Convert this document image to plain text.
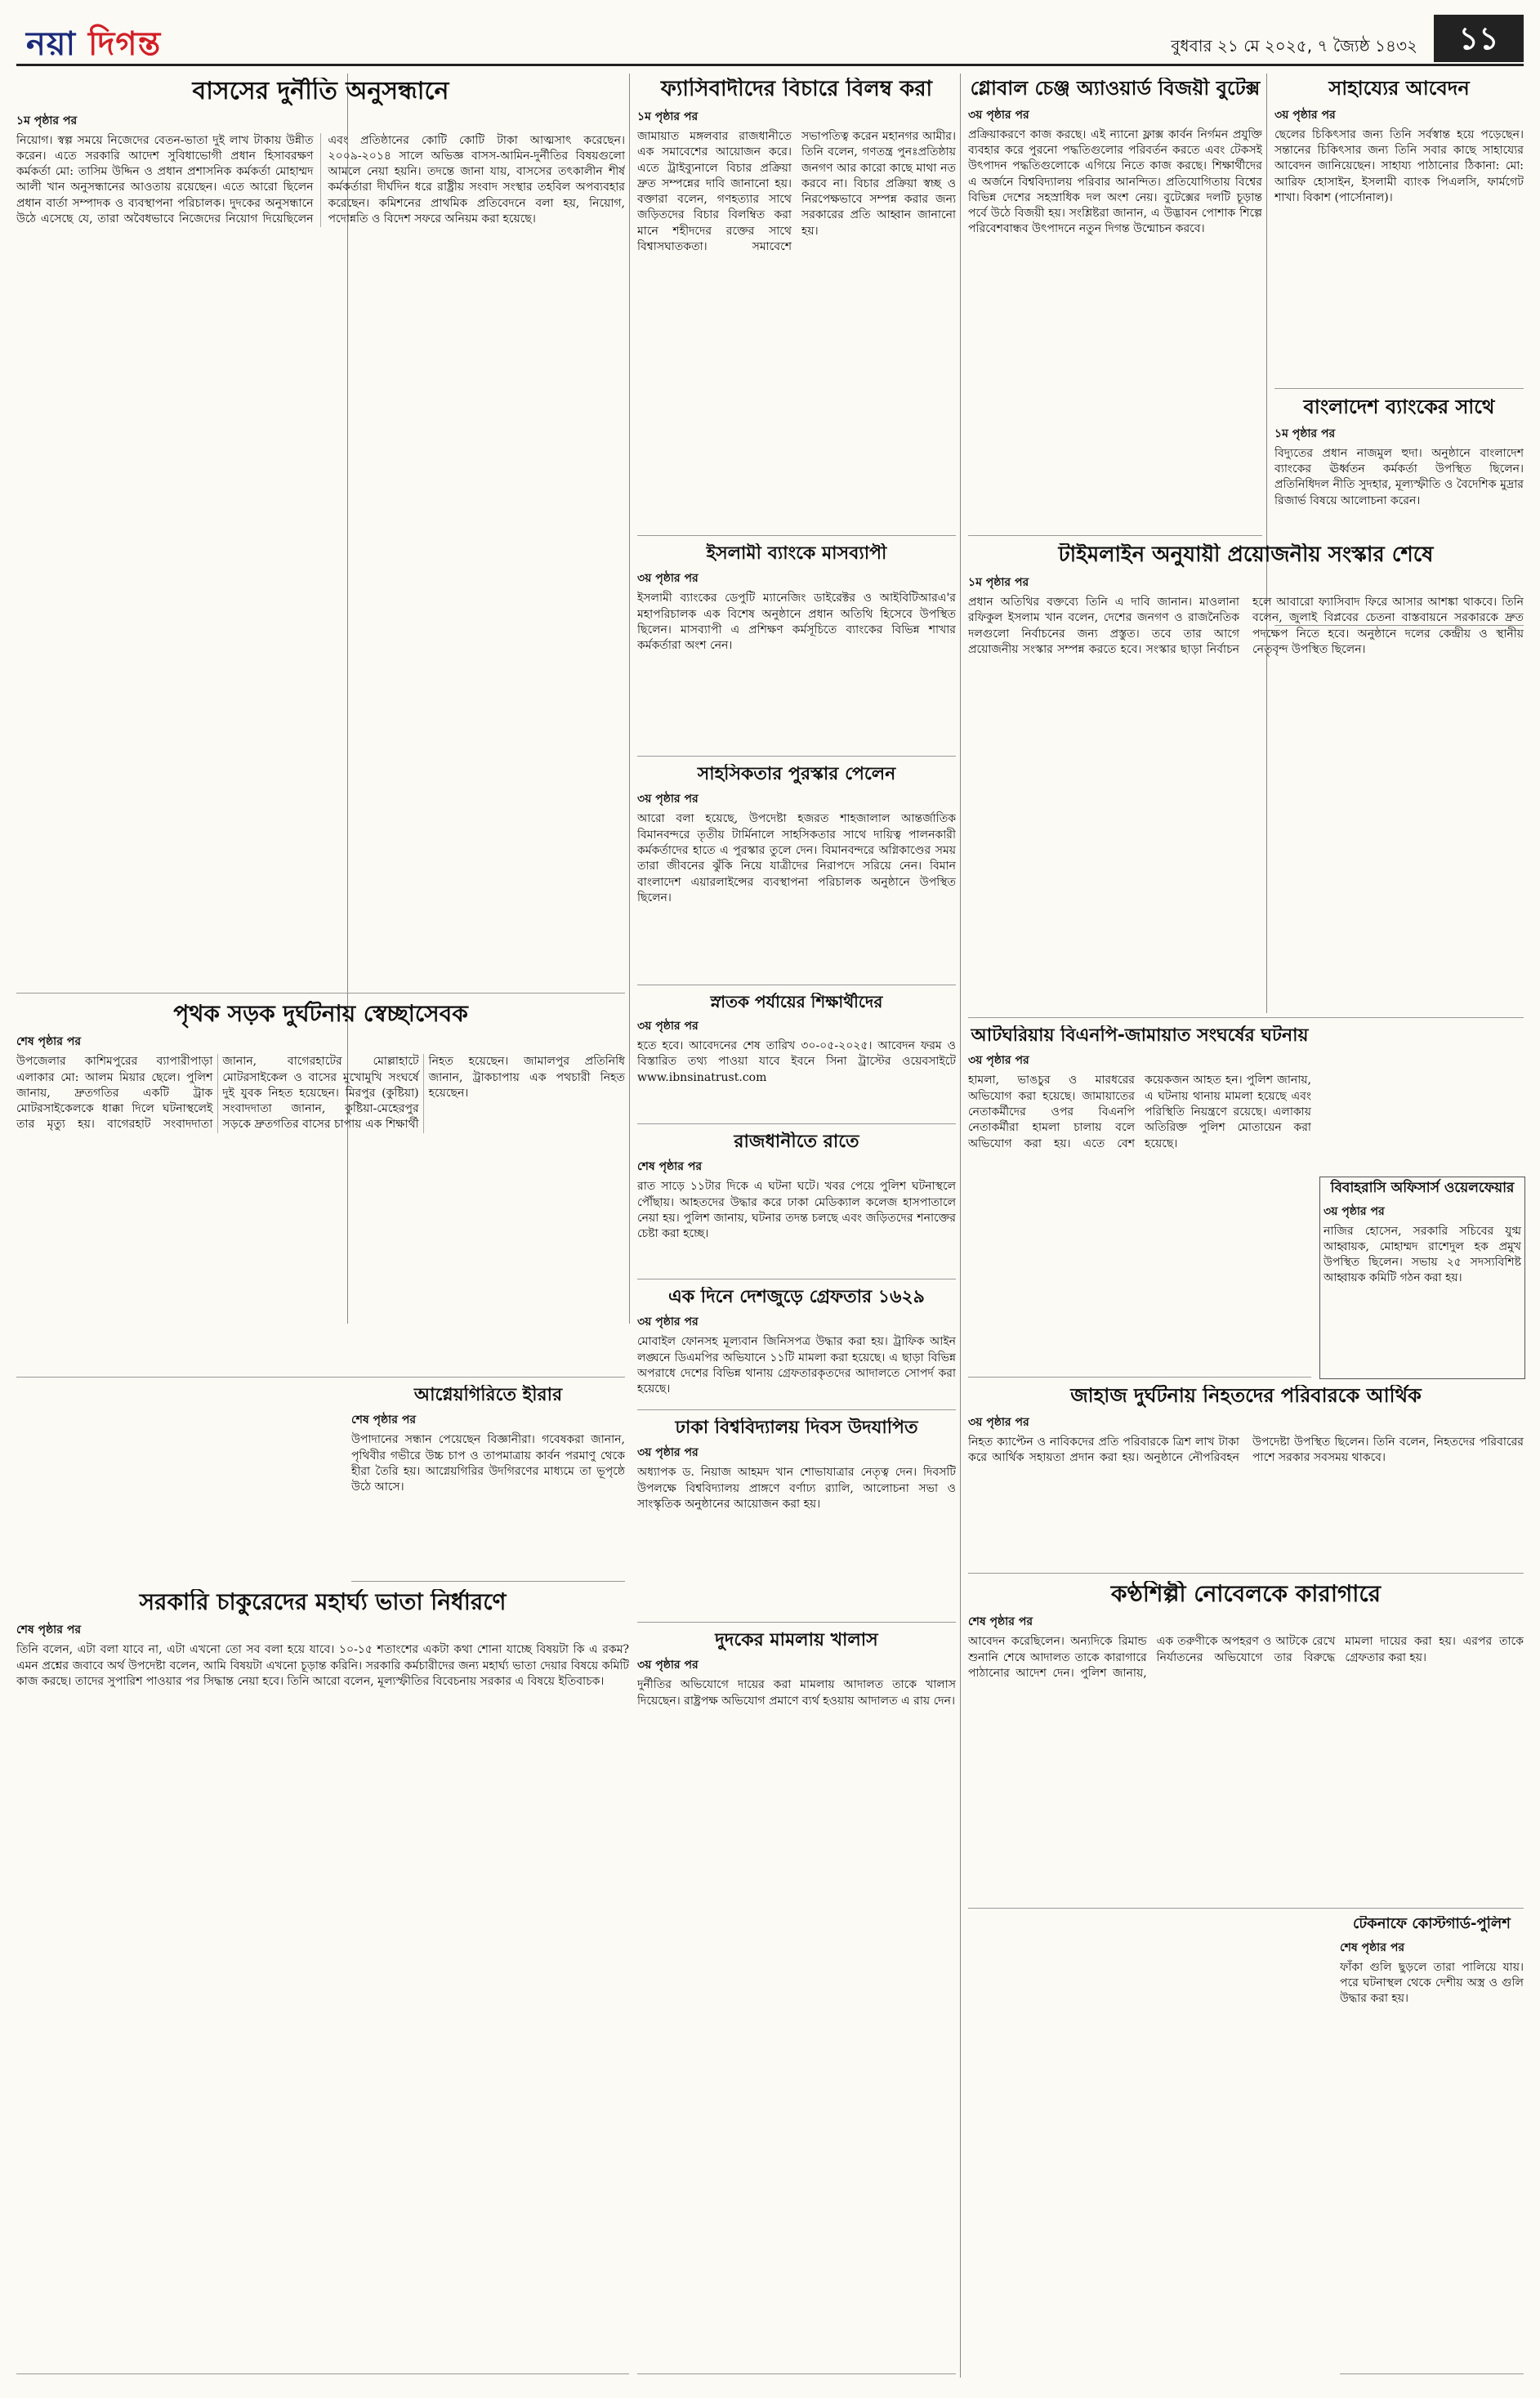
নয়া দিগন্ত	বুধবার ২১ মে ২০২৫, ৭ জ্যৈষ্ঠ ১৪৩২	১১
বাসসের দুর্নীতি অনুসন্ধানে
১ম পৃষ্ঠার পর

নিয়োগ। স্বল্প সময়ে নিজেদের বেতন-ভাতা দুই লাখ টাকায় উন্নীত করেন। এতে সরকারি আদেশ সুবিধাভোগী প্রধান হিসাবরক্ষণ কর্মকর্তা মো: তাসিম উদ্দিন ও প্রধান প্রশাসনিক কর্মকর্তা মোহাম্মদ আলী খান অনুসন্ধানের আওতায় রয়েছেন। এতে আরো ছিলেন প্রধান বার্তা সম্পাদক ও ব্যবস্থাপনা পরিচালক। দুদকের অনুসন্ধানে উঠে এসেছে যে, তারা অবৈধভাবে নিজেদের নিয়োগ দিয়েছিলেন এবং প্রতিষ্ঠানের কোটি কোটি টাকা আত্মসাৎ করেছেন। ২০০৯-২০১৪ সালে অভিজ্ঞ বাসস-আমিন-দুর্নীতির বিষয়গুলো আমলে নেয়া হয়নি। তদন্তে জানা যায়, বাসসের তৎকালীন শীর্ষ কর্মকর্তারা দীর্ঘদিন ধরে রাষ্ট্রীয় সংবাদ সংস্থার তহবিল অপব্যবহার করেছেন। কমিশনের প্রাথমিক প্রতিবেদনে বলা হয়, নিয়োগ, পদোন্নতি ও বিদেশ সফরে অনিয়ম করা হয়েছে।

ফ্যাসিবাদীদের বিচারে বিলম্ব করা
১ম পৃষ্ঠার পর

জামায়াত মঙ্গলবার রাজধানীতে এক সমাবেশের আয়োজন করে। এতে ট্রাইব্যুনালে বিচার প্রক্রিয়া দ্রুত সম্পন্নের দাবি জানানো হয়। বক্তারা বলেন, গণহত্যার সাথে জড়িতদের বিচার বিলম্বিত করা মানে শহীদদের রক্তের সাথে বিশ্বাসঘাতকতা। সমাবেশে সভাপতিত্ব করেন মহানগর আমীর। তিনি বলেন, গণতন্ত্র পুনঃপ্রতিষ্ঠায় জনগণ আর কারো কাছে মাথা নত করবে না। বিচার প্রক্রিয়া স্বচ্ছ ও নিরপেক্ষভাবে সম্পন্ন করার জন্য সরকারের প্রতি আহ্বান জানানো হয়।

গ্লোবাল চেঞ্জ অ্যাওয়ার্ড বিজয়ী বুটেক্স
৩য় পৃষ্ঠার পর

প্রক্রিয়াকরণে কাজ করছে। এই ন্যানো ফ্লাক্স কার্বন নির্গমন প্রযুক্তি ব্যবহার করে পুরনো পদ্ধতিগুলোর পরিবর্তন করতে এবং টেকসই উৎপাদন পদ্ধতিগুলোকে এগিয়ে নিতে কাজ করছে। শিক্ষার্থীদের এ অর্জনে বিশ্ববিদ্যালয় পরিবার আনন্দিত। প্রতিযোগিতায় বিশ্বের বিভিন্ন দেশের সহস্রাধিক দল অংশ নেয়। বুটেক্সের দলটি চূড়ান্ত পর্বে উঠে বিজয়ী হয়। সংশ্লিষ্টরা জানান, এ উদ্ভাবন পোশাক শিল্পে পরিবেশবান্ধব উৎপাদনে নতুন দিগন্ত উন্মোচন করবে।

সাহায্যের আবেদন
৩য় পৃষ্ঠার পর

ছেলের চিকিৎসার জন্য তিনি সর্বস্বান্ত হয়ে পড়েছেন। সন্তানের চিকিৎসার জন্য তিনি সবার কাছে সাহায্যের আবেদন জানিয়েছেন। সাহায্য পাঠানোর ঠিকানা: মো: আরিফ হোসাইন, ইসলামী ব্যাংক পিএলসি, ফার্মগেট শাখা। বিকাশ (পার্সোনাল)।

বাংলাদেশ ব্যাংকের সাথে
১ম পৃষ্ঠার পর

বিদ্যুতের প্রধান নাজমুল হুদা। অনুষ্ঠানে বাংলাদেশ ব্যাংকের ঊর্ধ্বতন কর্মকর্তা উপস্থিত ছিলেন। প্রতিনিধিদল নীতি সুদহার, মূল্যস্ফীতি ও বৈদেশিক মুদ্রার রিজার্ভ বিষয়ে আলোচনা করেন।

ইসলামী ব্যাংকে মাসব্যাপী
৩য় পৃষ্ঠার পর

ইসলামী ব্যাংকের ডেপুটি ম্যানেজিং ডাইরেক্টর ও আইবিটিআরএ'র মহাপরিচালক এক বিশেষ অনুষ্ঠানে প্রধান অতিথি হিসেবে উপস্থিত ছিলেন। মাসব্যাপী এ প্রশিক্ষণ কর্মসূচিতে ব্যাংকের বিভিন্ন শাখার কর্মকর্তারা অংশ নেন।

টাইমলাইন অনুযায়ী প্রয়োজনীয় সংস্কার শেষে
১ম পৃষ্ঠার পর

প্রধান অতিথির বক্তব্যে তিনি এ দাবি জানান। মাওলানা রফিকুল ইসলাম খান বলেন, দেশের জনগণ ও রাজনৈতিক দলগুলো নির্বাচনের জন্য প্রস্তুত। তবে তার আগে প্রয়োজনীয় সংস্কার সম্পন্ন করতে হবে। সংস্কার ছাড়া নির্বাচন হলে আবারো ফ্যাসিবাদ ফিরে আসার আশঙ্কা থাকবে। তিনি বলেন, জুলাই বিপ্লবের চেতনা বাস্তবায়নে সরকারকে দ্রুত পদক্ষেপ নিতে হবে। অনুষ্ঠানে দলের কেন্দ্রীয় ও স্থানীয় নেতৃবৃন্দ উপস্থিত ছিলেন।

সাহসিকতার পুরস্কার পেলেন
৩য় পৃষ্ঠার পর

আরো বলা হয়েছে, উপদেষ্টা হজরত শাহজালাল আন্তর্জাতিক বিমানবন্দরে তৃতীয় টার্মিনালে সাহসিকতার সাথে দায়িত্ব পালনকারী কর্মকর্তাদের হাতে এ পুরস্কার তুলে দেন। বিমানবন্দরে অগ্নিকাণ্ডের সময় তারা জীবনের ঝুঁকি নিয়ে যাত্রীদের নিরাপদে সরিয়ে নেন। বিমান বাংলাদেশ এয়ারলাইন্সের ব্যবস্থাপনা পরিচালক অনুষ্ঠানে উপস্থিত ছিলেন।

স্নাতক পর্যায়ের শিক্ষার্থীদের
৩য় পৃষ্ঠার পর

হতে হবে। আবেদনের শেষ তারিখ ৩০-০৫-২০২৫। আবেদন ফরম ও বিস্তারিত তথ্য পাওয়া যাবে ইবনে সিনা ট্রাস্টের ওয়েবসাইটে www.ibnsinatrust.com

রাজধানীতে রাতে
শেষ পৃষ্ঠার পর

রাত সাড়ে ১১টার দিকে এ ঘটনা ঘটে। খবর পেয়ে পুলিশ ঘটনাস্থলে পৌঁছায়। আহতদের উদ্ধার করে ঢাকা মেডিক্যাল কলেজ হাসপাতালে নেয়া হয়। পুলিশ জানায়, ঘটনার তদন্ত চলছে এবং জড়িতদের শনাক্তের চেষ্টা করা হচ্ছে।

আটঘরিয়ায় বিএনপি-জামায়াত সংঘর্ষের ঘটনায়
৩য় পৃষ্ঠার পর

হামলা, ভাঙচুর ও মারধরের অভিযোগ করা হয়েছে। জামায়াতের নেতাকর্মীদের ওপর বিএনপি নেতাকর্মীরা হামলা চালায় বলে অভিযোগ করা হয়। এতে বেশ কয়েকজন আহত হন। পুলিশ জানায়, এ ঘটনায় থানায় মামলা হয়েছে এবং পরিস্থিতি নিয়ন্ত্রণে রয়েছে। এলাকায় অতিরিক্ত পুলিশ মোতায়েন করা হয়েছে।

বিবাহরাসি অফিসার্স ওয়েলফেয়ার
৩য় পৃষ্ঠার পর

নাজির হোসেন, সরকারি সচিবের যুগ্ম আহ্বায়ক, মোহাম্মদ রাশেদুল হক প্রমুখ উপস্থিত ছিলেন। সভায় ২৫ সদস্যবিশিষ্ট আহ্বায়ক কমিটি গঠন করা হয়।

পৃথক সড়ক দুর্ঘটনায় স্বেচ্ছাসেবক
শেষ পৃষ্ঠার পর

উপজেলার কাশিমপুরের ব্যাপারীপাড়া এলাকার মো: আলম মিয়ার ছেলে। পুলিশ জানায়, দ্রুতগতির একটি ট্রাক মোটরসাইকেলকে ধাক্কা দিলে ঘটনাস্থলেই তার মৃত্যু হয়। বাগেরহাট সংবাদদাতা জানান, বাগেরহাটের মোল্লাহাটে মোটরসাইকেল ও বাসের মুখোমুখি সংঘর্ষে দুই যুবক নিহত হয়েছেন। মিরপুর (কুষ্টিয়া) সংবাদদাতা জানান, কুষ্টিয়া-মেহেরপুর সড়কে দ্রুতগতির বাসের চাপায় এক শিক্ষার্থী নিহত হয়েছেন। জামালপুর প্রতিনিধি জানান, ট্রাকচাপায় এক পথচারী নিহত হয়েছেন।

এক দিনে দেশজুড়ে গ্রেফতার ১৬২৯
৩য় পৃষ্ঠার পর

মোবাইল ফোনসহ মূল্যবান জিনিসপত্র উদ্ধার করা হয়। ট্রাফিক আইন লঙ্ঘনে ডিএমপির অভিযানে ১১টি মামলা করা হয়েছে। এ ছাড়া বিভিন্ন অপরাধে দেশের বিভিন্ন থানায় গ্রেফতারকৃতদের আদালতে সোপর্দ করা হয়েছে।	জাহাজ দুর্ঘটনায় নিহতদের পরিবারকে আর্থিক
৩য় পৃষ্ঠার পর

নিহত ক্যাপ্টেন ও নাবিকদের প্রতি পরিবারকে ত্রিশ লাখ টাকা করে আর্থিক সহায়তা প্রদান করা হয়। অনুষ্ঠানে নৌপরিবহন উপদেষ্টা উপস্থিত ছিলেন। তিনি বলেন, নিহতদের পরিবারের পাশে সরকার সবসময় থাকবে।

আগ্নেয়গিরিতে হীরার
শেষ পৃষ্ঠার পর

উপাদানের সন্ধান পেয়েছেন বিজ্ঞানীরা। গবেষকরা জানান, পৃথিবীর গভীরে উচ্চ চাপ ও তাপমাত্রায় কার্বন পরমাণু থেকে হীরা তৈরি হয়। আগ্নেয়গিরির উদগিরণের মাধ্যমে তা ভূপৃষ্ঠে উঠে আসে।

ঢাকা বিশ্ববিদ্যালয় দিবস উদযাপিত
৩য় পৃষ্ঠার পর

অধ্যাপক ড. নিয়াজ আহমদ খান শোভাযাত্রার নেতৃত্ব দেন। দিবসটি উপলক্ষে বিশ্ববিদ্যালয় প্রাঙ্গণে বর্ণাঢ্য র‌্যালি, আলোচনা সভা ও সাংস্কৃতিক অনুষ্ঠানের আয়োজন করা হয়।

সরকারি চাকুরেদের মহার্ঘ্য ভাতা নির্ধারণে
শেষ পৃষ্ঠার পর

তিনি বলেন, এটা বলা যাবে না, এটা এখনো তো সব বলা হয়ে যাবে। ১০-১৫ শতাংশের একটা কথা শোনা যাচ্ছে বিষয়টা কি এ রকম? এমন প্রশ্নের জবাবে অর্থ উপদেষ্টা বলেন, আমি বিষয়টা এখনো চূড়ান্ত করিনি। সরকারি কর্মচারীদের জন্য মহার্ঘ্য ভাতা দেয়ার বিষয়ে কমিটি কাজ করছে। তাদের সুপারিশ পাওয়ার পর সিদ্ধান্ত নেয়া হবে। তিনি আরো বলেন, মূল্যস্ফীতির বিবেচনায় সরকার এ বিষয়ে ইতিবাচক।

দুদকের মামলায় খালাস
৩য় পৃষ্ঠার পর

দুর্নীতির অভিযোগে দায়ের করা মামলায় আদালত তাকে খালাস দিয়েছেন। রাষ্ট্রপক্ষ অভিযোগ প্রমাণে ব্যর্থ হওয়ায় আদালত এ রায় দেন।

কণ্ঠশিল্পী নোবেলকে কারাগারে
শেষ পৃষ্ঠার পর

আবেদন করেছিলেন। অন্যদিকে রিমান্ড শুনানি শেষে আদালত তাকে কারাগারে পাঠানোর আদেশ দেন। পুলিশ জানায়, এক তরুণীকে অপহরণ ও আটকে রেখে নির্যাতনের অভিযোগে তার বিরুদ্ধে মামলা দায়ের করা হয়। এরপর তাকে গ্রেফতার করা হয়।

টেকনাফে কোস্টগার্ড-পুলিশ
শেষ পৃষ্ঠার পর

ফাঁকা গুলি ছুড়লে তারা পালিয়ে যায়। পরে ঘটনাস্থল থেকে দেশীয় অস্ত্র ও গুলি উদ্ধার করা হয়।
